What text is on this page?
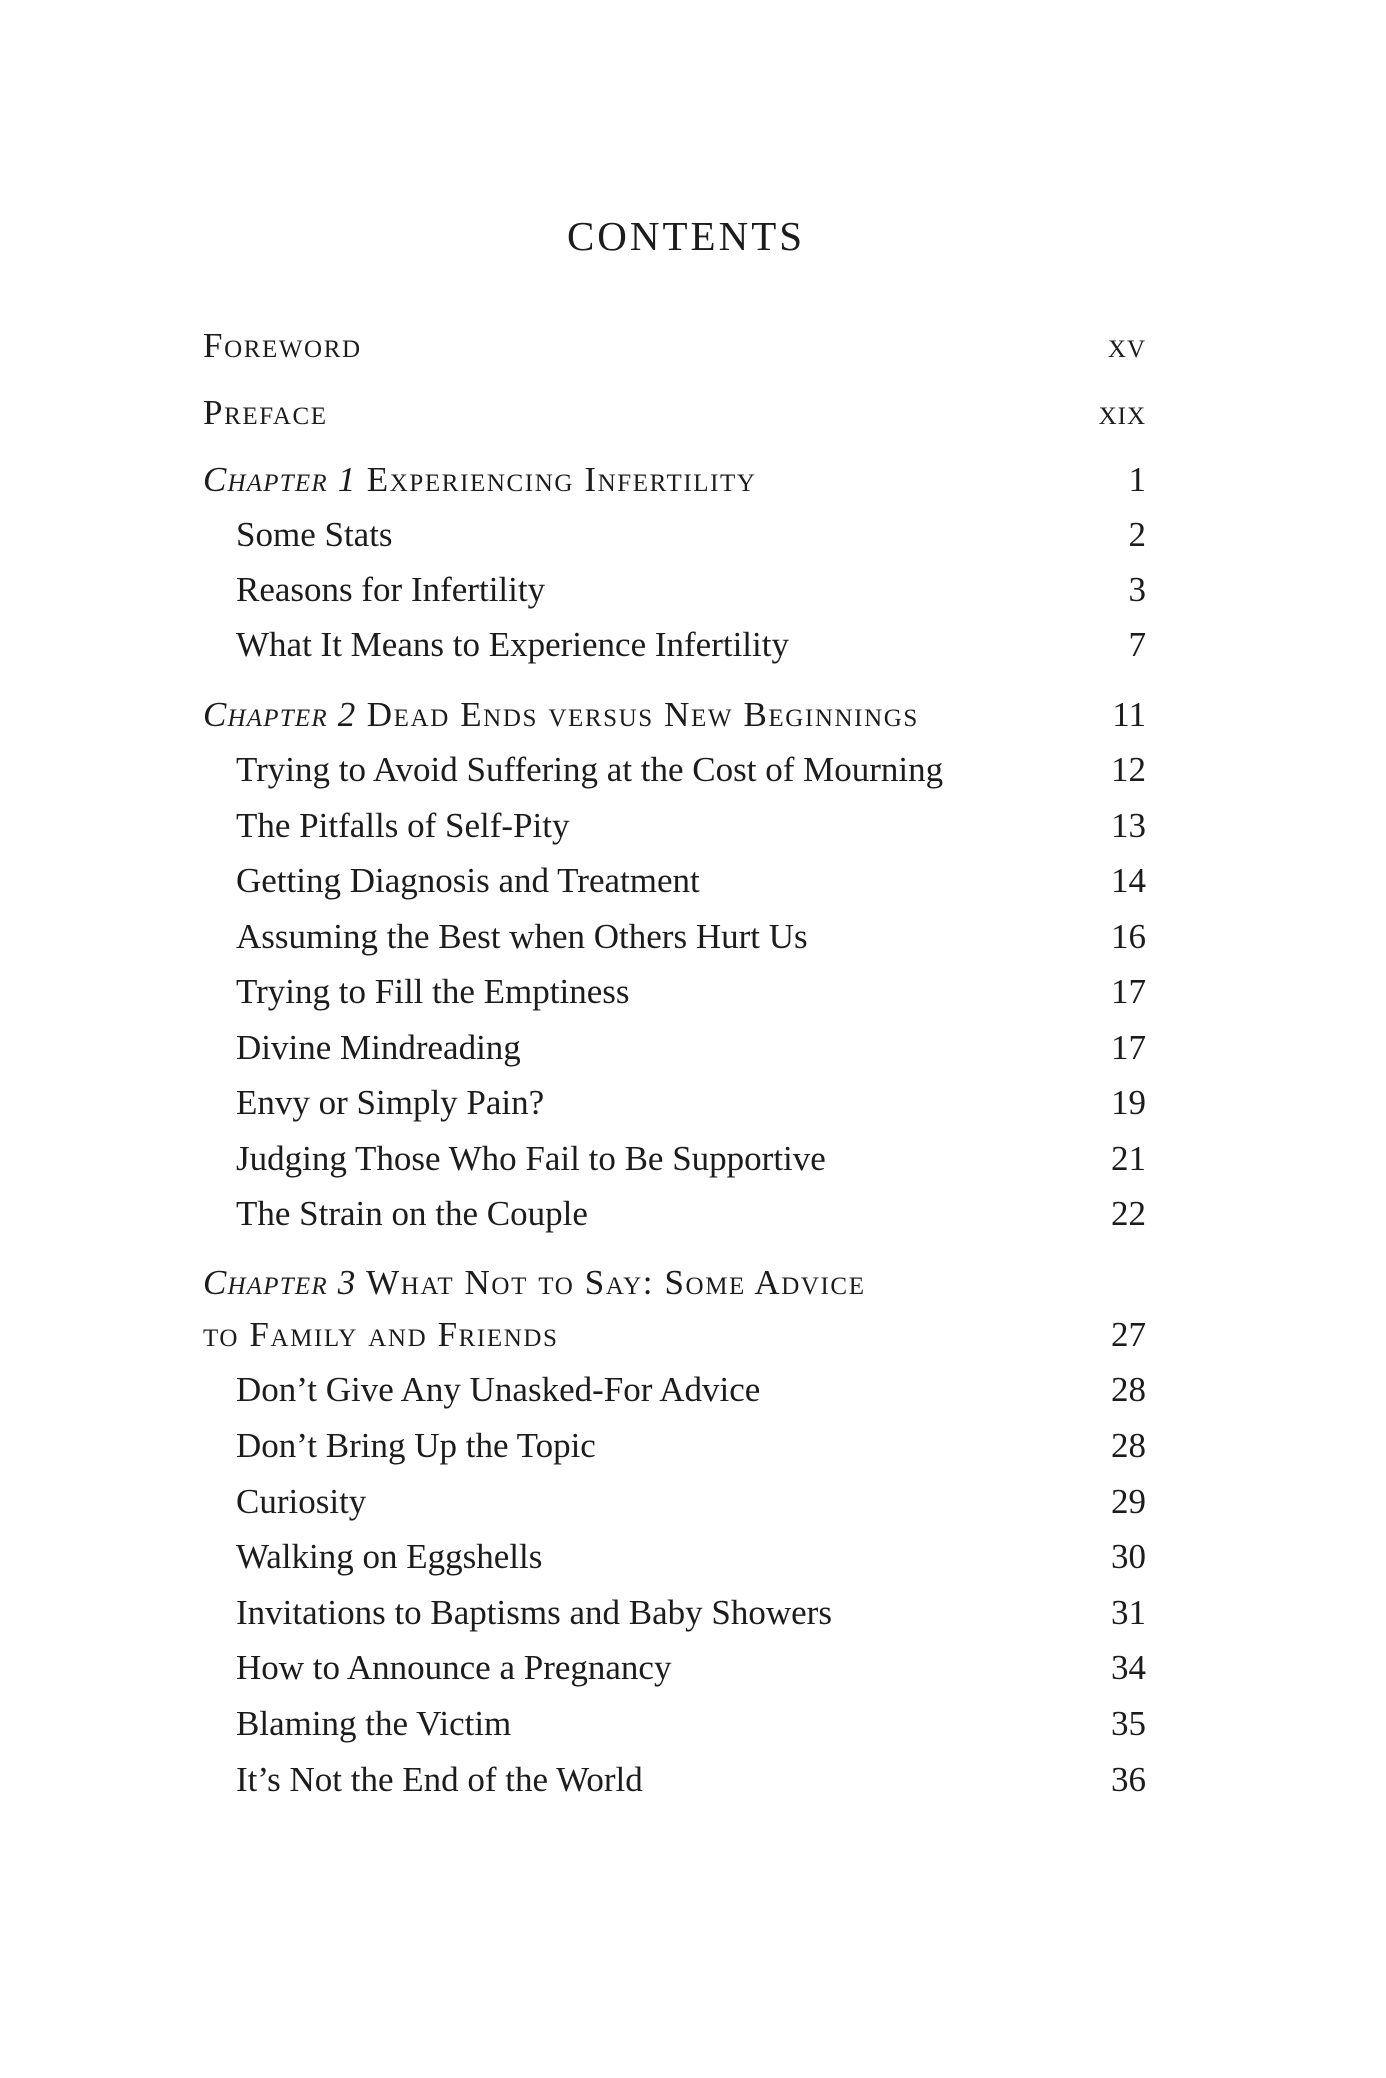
CONTENTS
Foreword	xv
Preface	xix
Chapter 1 Experiencing Infertility	1
Some Stats	2
Reasons for Infertility	3
What It Means to Experience Infertility	7
Chapter 2 Dead Ends versus New Beginnings	11
Trying to Avoid Suffering at the Cost of Mourning	12
The Pitfalls of Self-Pity	13
Getting Diagnosis and Treatment	14
Assuming the Best when Others Hurt Us	16
Trying to Fill the Emptiness	17
Divine Mindreading	17
Envy or Simply Pain?	19
Judging Those Who Fail to Be Supportive	21
The Strain on the Couple	22
Chapter 3 What Not to Say: Some Advice
to Family and Friends	27
Don’t Give Any Unasked-For Advice	28
Don’t Bring Up the Topic	28
Curiosity	29
Walking on Eggshells	30
Invitations to Baptisms and Baby Showers	31
How to Announce a Pregnancy	34
Blaming the Victim	35
It’s Not the End of the World	36
